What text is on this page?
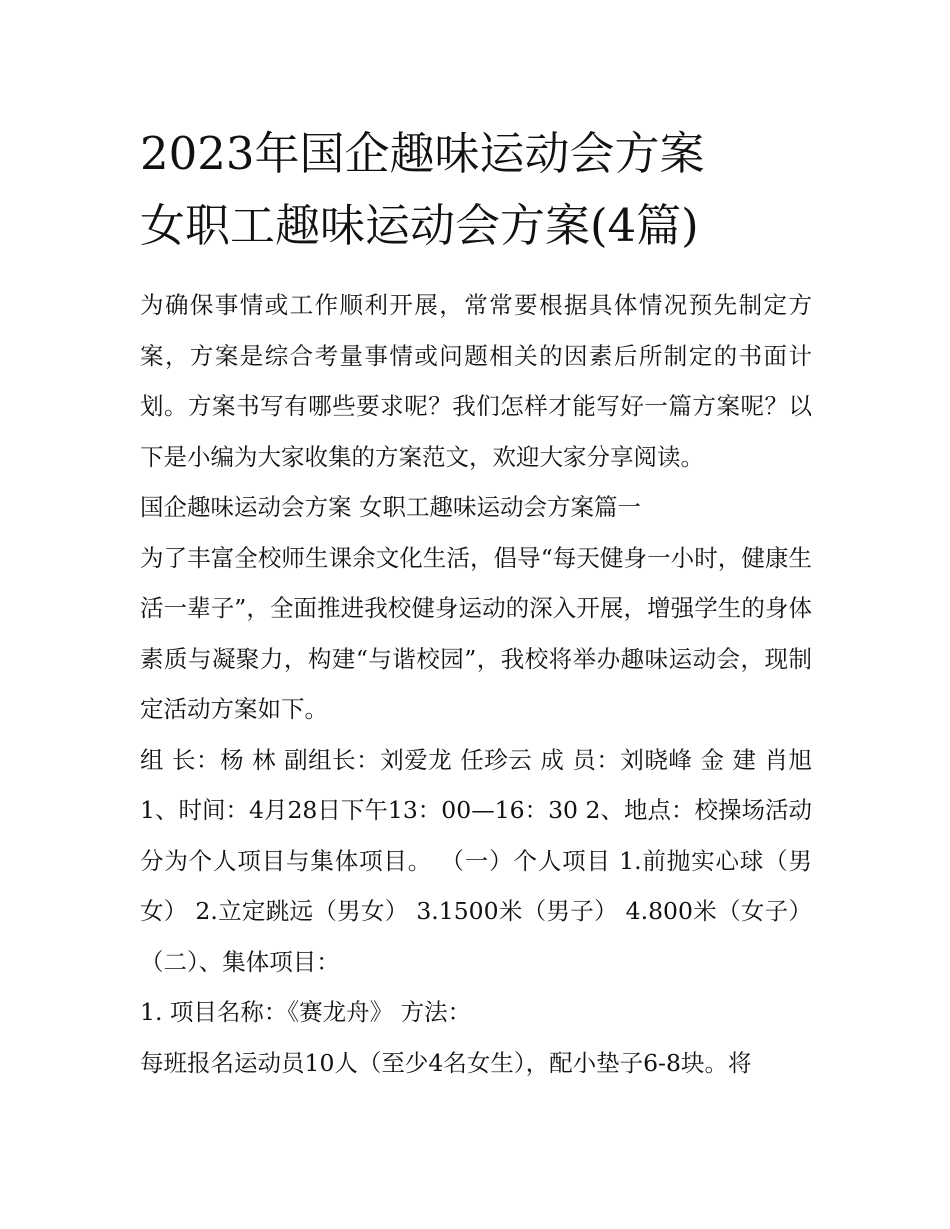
2023年国企趣味运动会方案
女职工趣味运动会方案(4篇)

为确保事情或工作顺利开展，常常要根据具体情况预先制定方案，方案是综合考量事情或问题相关的因素后所制定的书面计划。方案书写有哪些要求呢？我们怎样才能写好一篇方案呢？以下是小编为大家收集的方案范文，欢迎大家分享阅读。

国企趣味运动会方案 女职工趣味运动会方案篇一

为了丰富全校师生课余文化生活，倡导“每天健身一小时，健康生活一辈子”，全面推进我校健身运动的深入开展，增强学生的身体素质与凝聚力，构建“与谐校园”，我校将举办趣味运动会，现制定活动方案如下。

组 长：杨 林 副组长：刘爱龙 任珍云 成 员：刘晓峰 金 建 肖旭 1、时间：4月28日下午13：00—16：30 2、地点：校操场活动分为个人项目与集体项目。 （一）个人项目 1.前抛实心球（男女） 2.立定跳远（男女） 3.1500米（男子） 4.800米（女子） （二）、集体项目：

1. 项目名称：《赛龙舟》 方法：

每班报名运动员10人（至少4名女生），配小垫子6-8块。将
